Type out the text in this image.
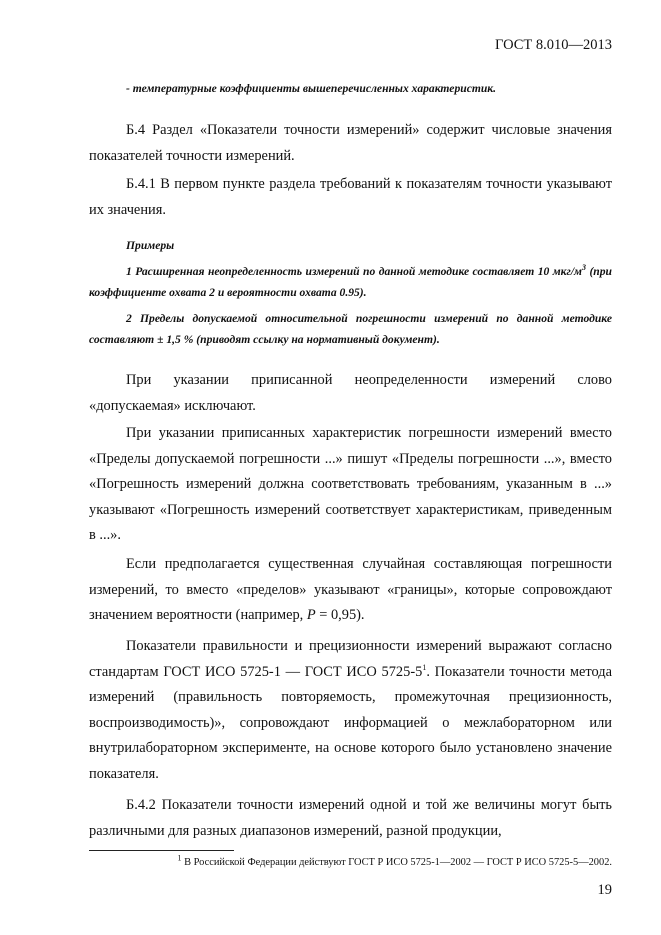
ГОСТ 8.010—2013
- температурные коэффициенты вышеперечисленных характеристик.
Б.4 Раздел «Показатели точности измерений» содержит числовые значения показателей точности измерений.
Б.4.1 В первом пункте раздела требований к показателям точности указывают их значения.
Примеры
1 Расширенная неопределенность измерений по данной методике составляет 10 мкг/$м^3$ (при коэффициенте охвата 2 и вероятности охвата 0.95).
2 Пределы допускаемой относительной погрешности измерений по данной методике составляют ± 1,5 % (приводят ссылку на нормативный документ).
При указании приписанной неопределенности измерений слово «допускаемая» исключают.
При указании приписанных характеристик погрешности измерений вместо «Пределы допускаемой погрешности ...» пишут «Пределы погрешности ...», вместо «Погрешность измерений должна соответствовать требованиям, указанным в ...» указывают «Погрешность измерений соответствует характеристикам, приведенным в ...».
Если предполагается существенная случайная составляющая погрешности измерений, то вместо «пределов» указывают «границы», которые сопровождают значением вероятности (например, P = 0,95).
Показатели правильности и прецизионности измерений выражают согласно стандартам ГОСТ ИСО 5725-1 — ГОСТ ИСО $5725-5^1$. Показатели точности метода измерений (правильность повторяемость, промежуточная прецизионность, воспроизводимость)», сопровождают информацией о межлабораторном или внутрилабораторном эксперименте, на основе которого было установлено значение показателя.
Б.4.2 Показатели точности измерений одной и той же величины могут быть различными для разных диапазонов измерений, разной продукции,
$^1$ В Российской Федерации действуют ГОСТ Р ИСО 5725-1—2002 — ГОСТ Р ИСО 5725-5—2002.
19
